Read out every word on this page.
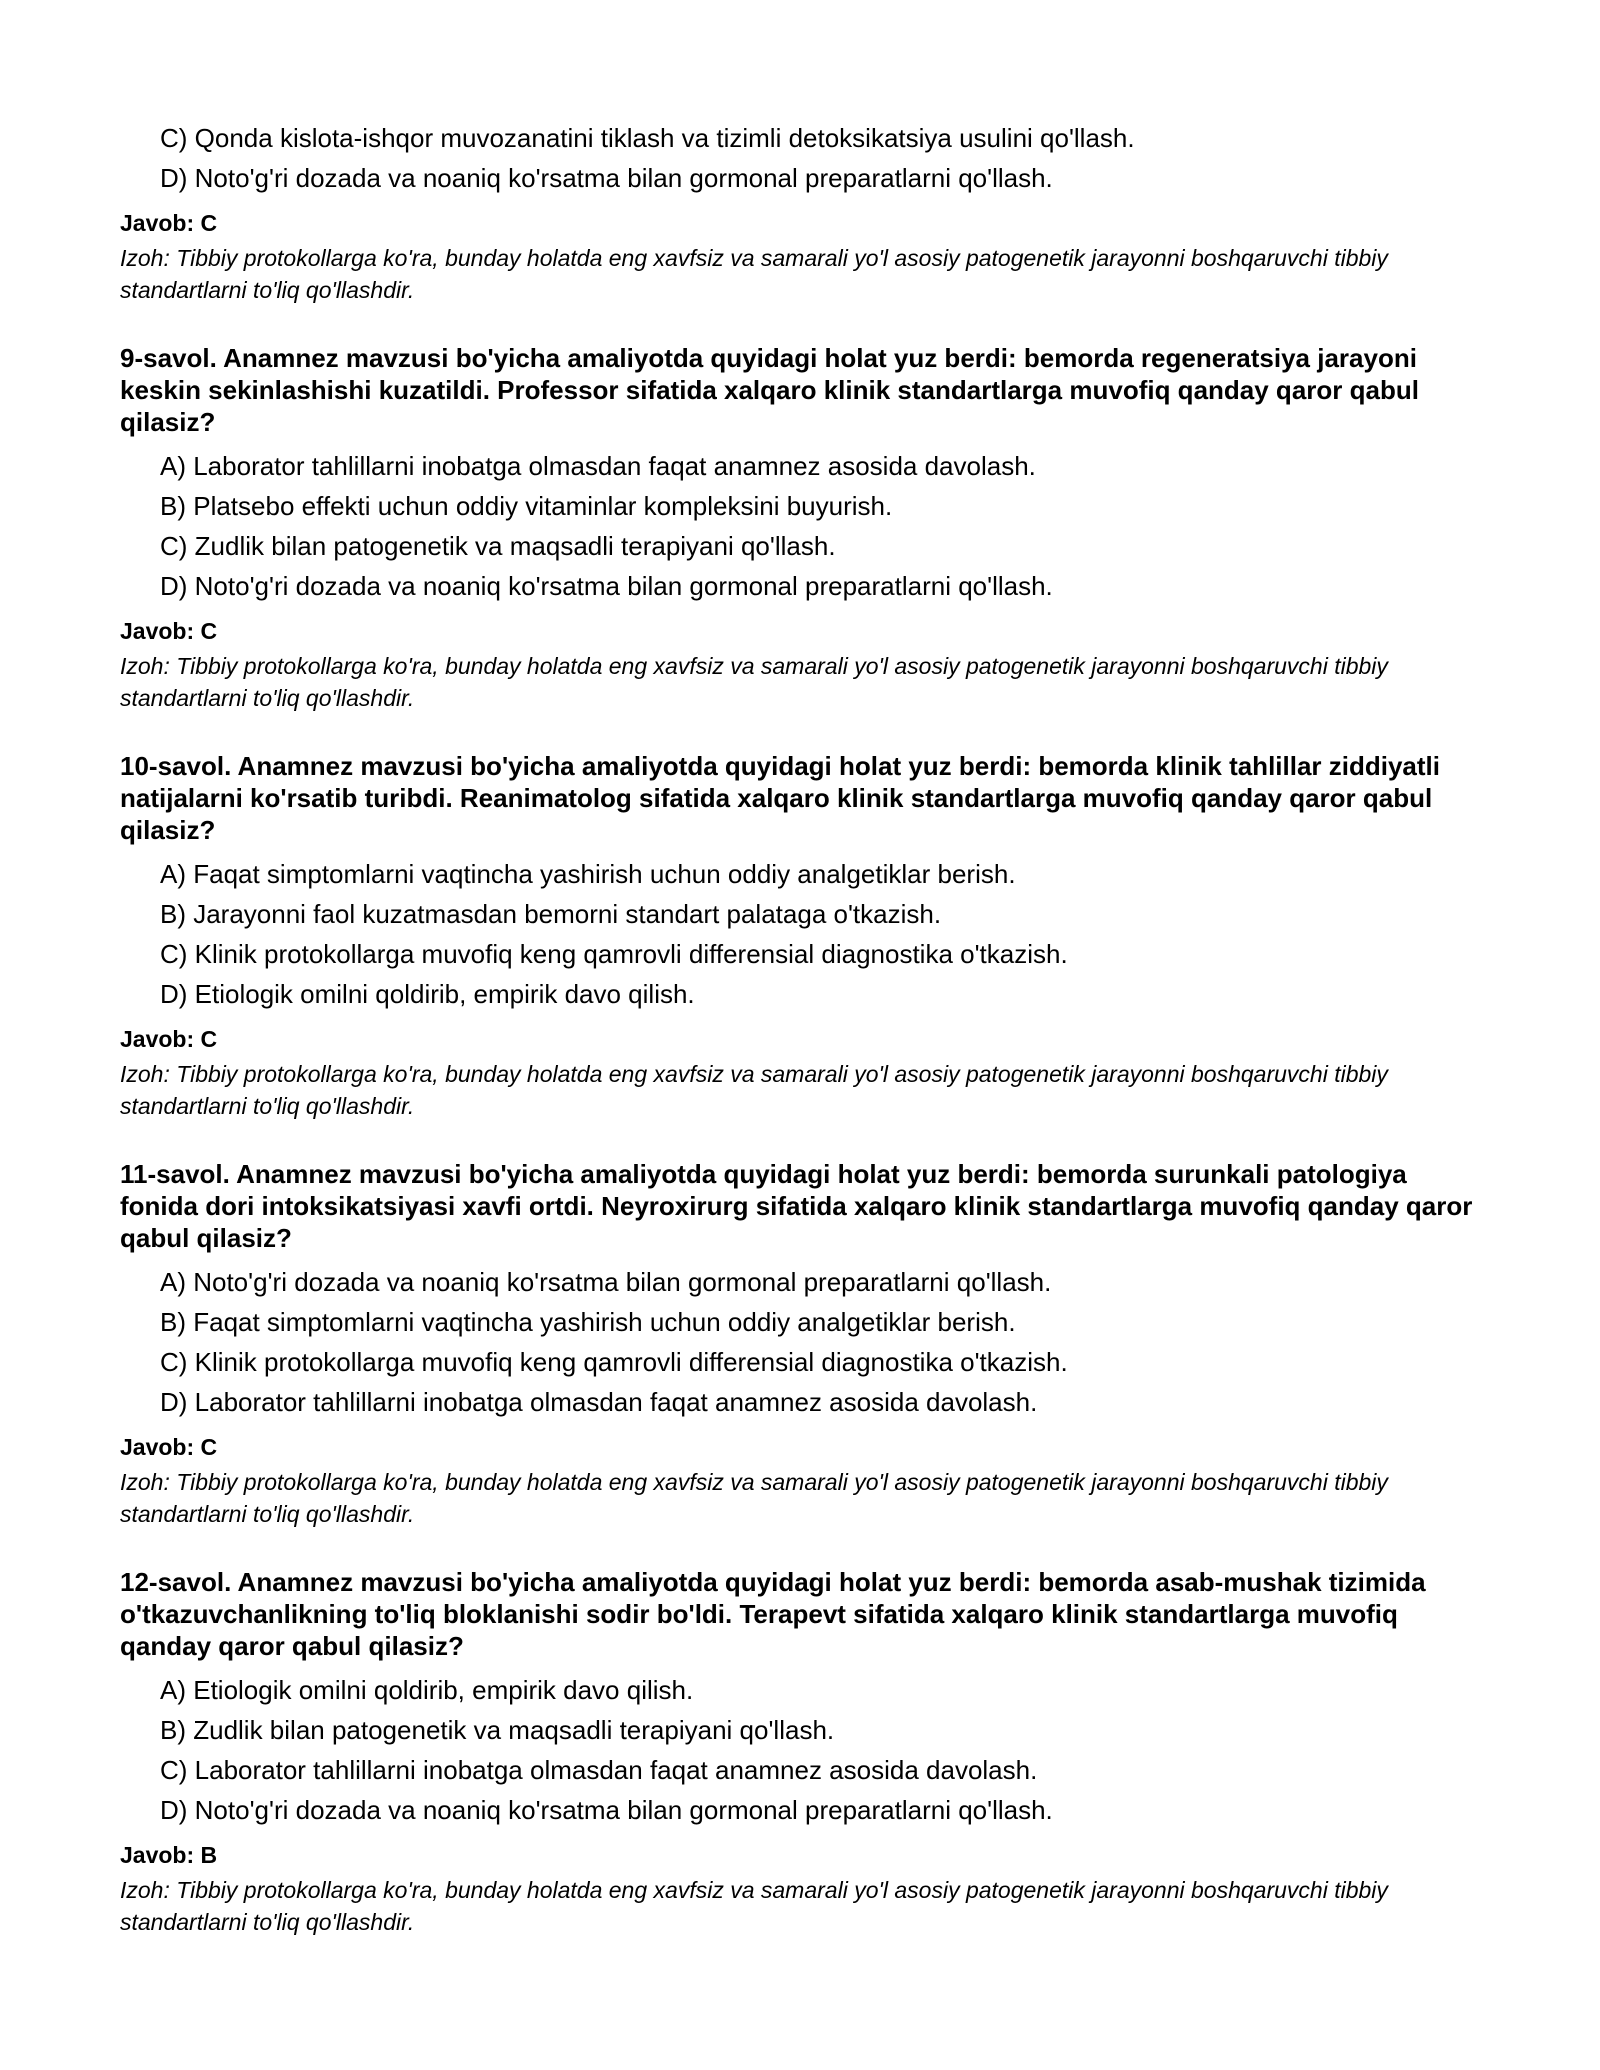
C) Qonda kislota-ishqor muvozanatini tiklash va tizimli detoksikatsiya usulini qo'llash.
D) Noto'g'ri dozada va noaniq ko'rsatma bilan gormonal preparatlarni qo'llash.
Javob: C
Izoh: Tibbiy protokollarga ko'ra, bunday holatda eng xavfsiz va samarali yo'l asosiy patogenetik jarayonni boshqaruvchi tibbiy standartlarni to'liq qo'llashdir.
9-savol. Anamnez mavzusi bo'yicha amaliyotda quyidagi holat yuz berdi: bemorda regeneratsiya jarayoni keskin sekinlashishi kuzatildi. Professor sifatida xalqaro klinik standartlarga muvofiq qanday qaror qabul qilasiz?
A) Laborator tahlillarni inobatga olmasdan faqat anamnez asosida davolash.
B) Platsebo effekti uchun oddiy vitaminlar kompleksini buyurish.
C) Zudlik bilan patogenetik va maqsadli terapiyani qo'llash.
D) Noto'g'ri dozada va noaniq ko'rsatma bilan gormonal preparatlarni qo'llash.
Javob: C
Izoh: Tibbiy protokollarga ko'ra, bunday holatda eng xavfsiz va samarali yo'l asosiy patogenetik jarayonni boshqaruvchi tibbiy standartlarni to'liq qo'llashdir.
10-savol. Anamnez mavzusi bo'yicha amaliyotda quyidagi holat yuz berdi: bemorda klinik tahlillar ziddiyatli natijalarni ko'rsatib turibdi. Reanimatolog sifatida xalqaro klinik standartlarga muvofiq qanday qaror qabul qilasiz?
A) Faqat simptomlarni vaqtincha yashirish uchun oddiy analgetiklar berish.
B) Jarayonni faol kuzatmasdan bemorni standart palataga o'tkazish.
C) Klinik protokollarga muvofiq keng qamrovli differensial diagnostika o'tkazish.
D) Etiologik omilni qoldirib, empirik davo qilish.
Javob: C
Izoh: Tibbiy protokollarga ko'ra, bunday holatda eng xavfsiz va samarali yo'l asosiy patogenetik jarayonni boshqaruvchi tibbiy standartlarni to'liq qo'llashdir.
11-savol. Anamnez mavzusi bo'yicha amaliyotda quyidagi holat yuz berdi: bemorda surunkali patologiya fonida dori intoksikatsiyasi xavfi ortdi. Neyroxirurg sifatida xalqaro klinik standartlarga muvofiq qanday qaror qabul qilasiz?
A) Noto'g'ri dozada va noaniq ko'rsatma bilan gormonal preparatlarni qo'llash.
B) Faqat simptomlarni vaqtincha yashirish uchun oddiy analgetiklar berish.
C) Klinik protokollarga muvofiq keng qamrovli differensial diagnostika o'tkazish.
D) Laborator tahlillarni inobatga olmasdan faqat anamnez asosida davolash.
Javob: C
Izoh: Tibbiy protokollarga ko'ra, bunday holatda eng xavfsiz va samarali yo'l asosiy patogenetik jarayonni boshqaruvchi tibbiy standartlarni to'liq qo'llashdir.
12-savol. Anamnez mavzusi bo'yicha amaliyotda quyidagi holat yuz berdi: bemorda asab-mushak tizimida o'tkazuvchanlikning to'liq bloklanishi sodir bo'ldi. Terapevt sifatida xalqaro klinik standartlarga muvofiq qanday qaror qabul qilasiz?
A) Etiologik omilni qoldirib, empirik davo qilish.
B) Zudlik bilan patogenetik va maqsadli terapiyani qo'llash.
C) Laborator tahlillarni inobatga olmasdan faqat anamnez asosida davolash.
D) Noto'g'ri dozada va noaniq ko'rsatma bilan gormonal preparatlarni qo'llash.
Javob: B
Izoh: Tibbiy protokollarga ko'ra, bunday holatda eng xavfsiz va samarali yo'l asosiy patogenetik jarayonni boshqaruvchi tibbiy standartlarni to'liq qo'llashdir.
